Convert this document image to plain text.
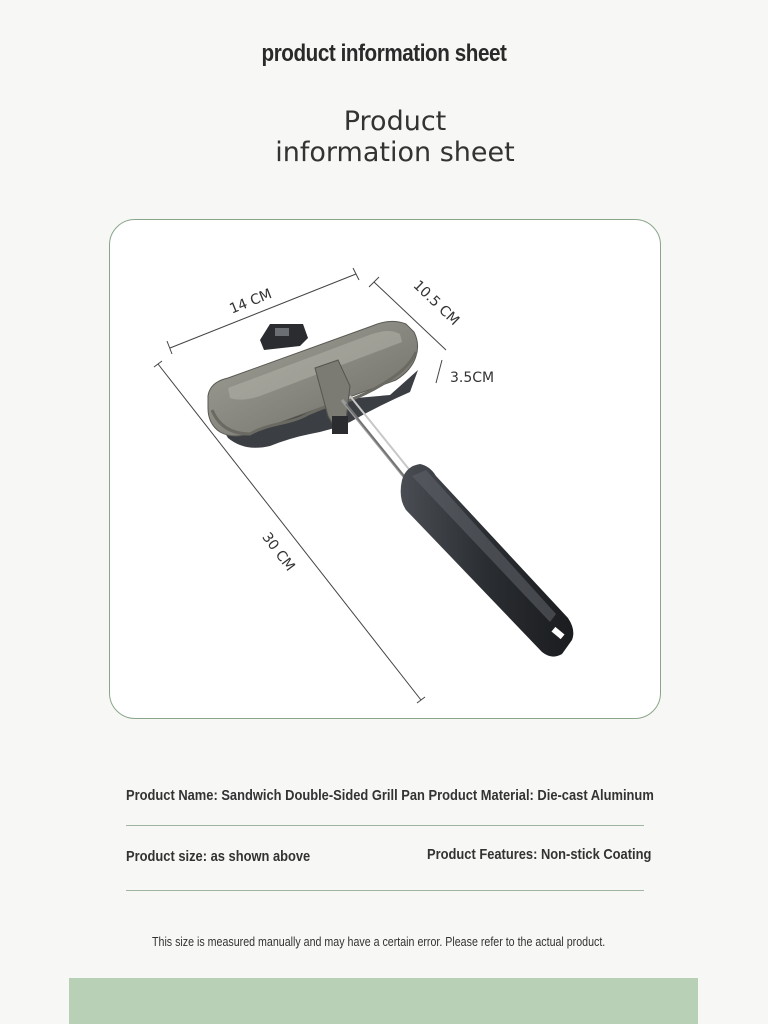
product information sheet
Product
information sheet
14 CM	10.5 CM
3.5CM
30 CM
Product Name: Sandwich Double-Sided Grill Pan Product Material: Die-cast Aluminum
Product size: as shown above	Product Features: Non-stick Coating
This size is measured manually and may have a certain error. Please refer to the actual product.
